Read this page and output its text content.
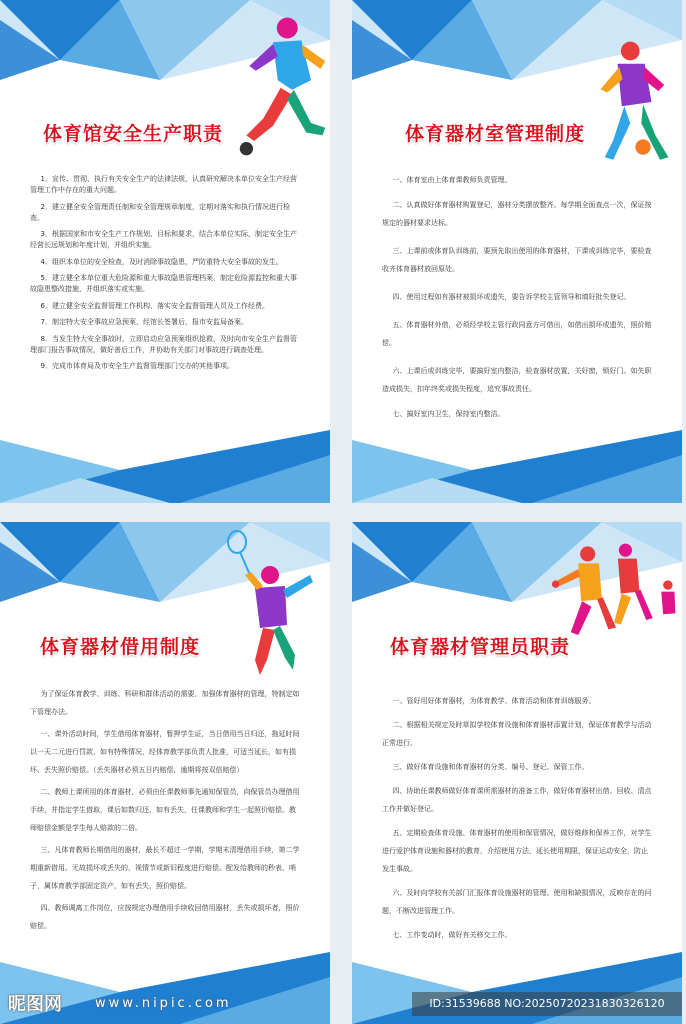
体育馆安全生产职责

1．宣传、贯彻、执行有关安全生产的法律法规，认真研究解决本单位安全生产经营管理工作中存在的重大问题。

2．建立健全安全管理责任制和安全管理规章制度，定期对落实和执行情况进行检查。

3．根据国家和市安全生产工作规划、目标和要求，结合本单位实际，制定安全生产经营长远规划和年度计划，并组织实施。

4．组织本单位的安全检查，及时消除事故隐患，严防重特大安全事故的发生。

5．建立健全本单位重大危险源和重大事故隐患管理档案，制定危险源监控和重大事故隐患整改措施，并组织落实或实施。

6．建立健全安全监督管理工作机构，落实安全监督管理人员及工作经费。

7．制定特大安全事故应急预案，经馆长签署后，报市安监局备案。

8．当发生特大安全事故时，立即启动应急预案组织抢救，及时向市安全生产监督管理部门报告事故情况，做好善后工作，并协助有关部门对事故进行调查处理。

9．完成市体育局及市安全生产监督管理部门交办的其他事项。

体育器材室管理制度

一、体育室由上体育课教师负责管理。

二、认真做好体育器材购置登记，器材分类摆放整齐。每学期全面查点一次，保证按规定的器材要求达标。

三、上课前或体育队训练前，要预先取出使用的体育器材，下课或训练完毕，要检查收齐体育器材放回原处。

四、使用过程如有器材被损坏或遗失，要告诉学校主管领导和填好批失登记。

五、体育器材外借，必须经学校主管行政同意方可借出，如借出损坏或遗失，照价赔偿。

六、上课后或训练完毕，要搞好室内整洁，检查器材放置，关好窗，锁好门。如失职造成损失，扣年终奖或损失程度，追究事故责任。

七、搞好室内卫生，保持室内整洁。

体育器材借用制度

为了保证体育教学、训练、科研和群体活动的需要，加强体育器材的管理，特制定如下管理办法。

一、课外活动时间，学生借用体育器材，暂押学生证，当日借用当日归还，拖延时间以一天二元进行罚款，如有特殊情况，经体育教学部负责人批准，可适当延长，如有损坏、丢失照价赔偿。（丢失器材必须五日内赔偿，逾期将按双倍赔偿）

二、教师上课所用的体育器材，必须由任课教师事先通知保管员，向保管员办理借用手续，并指定学生借取，课后如数归还，如有丢失，任课教师和学生一起照价赔偿。教师赔偿金额是学生每人赔款的二倍。

三、凡体育教师长期借用的器材，最长不超过一学期，学期末清理借用手续，第二学期重新借用。无故损坏或丢失的，视情节或新旧程度进行赔偿。配发给教师的秒表、哨子，属体育教学部固定资产，如有丢失，照价赔偿。

四、教师调离工作岗位，应按规定办理借用手续收回借用器材，丢失或损坏者，照价赔偿。

体育器材管理员职责

一、管好用好体育器材，为体育教学、体育活动和体育训练服务。

二、根据相关规定及时草拟学校体育设施和体育器材添置计划，保证体育教学与活动正常进行。

三、做好体育设施和体育器材的分类、编号、登记、保管工作。

四、协助任课教师做好体育课所需器材的准备工作，做好体育器材出借、回收、清点工作并做好登记。

五、定期检查体育设施、体育器材的使用和保管情况，做好维修和保养工作，对学生进行爱护体育设施和器材的教育，介绍使用方法，延长使用期限，保证运动安全，防止发生事故。

六、及时向学校有关部门汇报体育设施器材的管理、使用和缺损情况，反映存在的问题，不断改进管理工作。

七、工作变动时，做好有关移交工作。

昵图网	www.nipic.com	ID:31539688 NO:20250720231830326120
